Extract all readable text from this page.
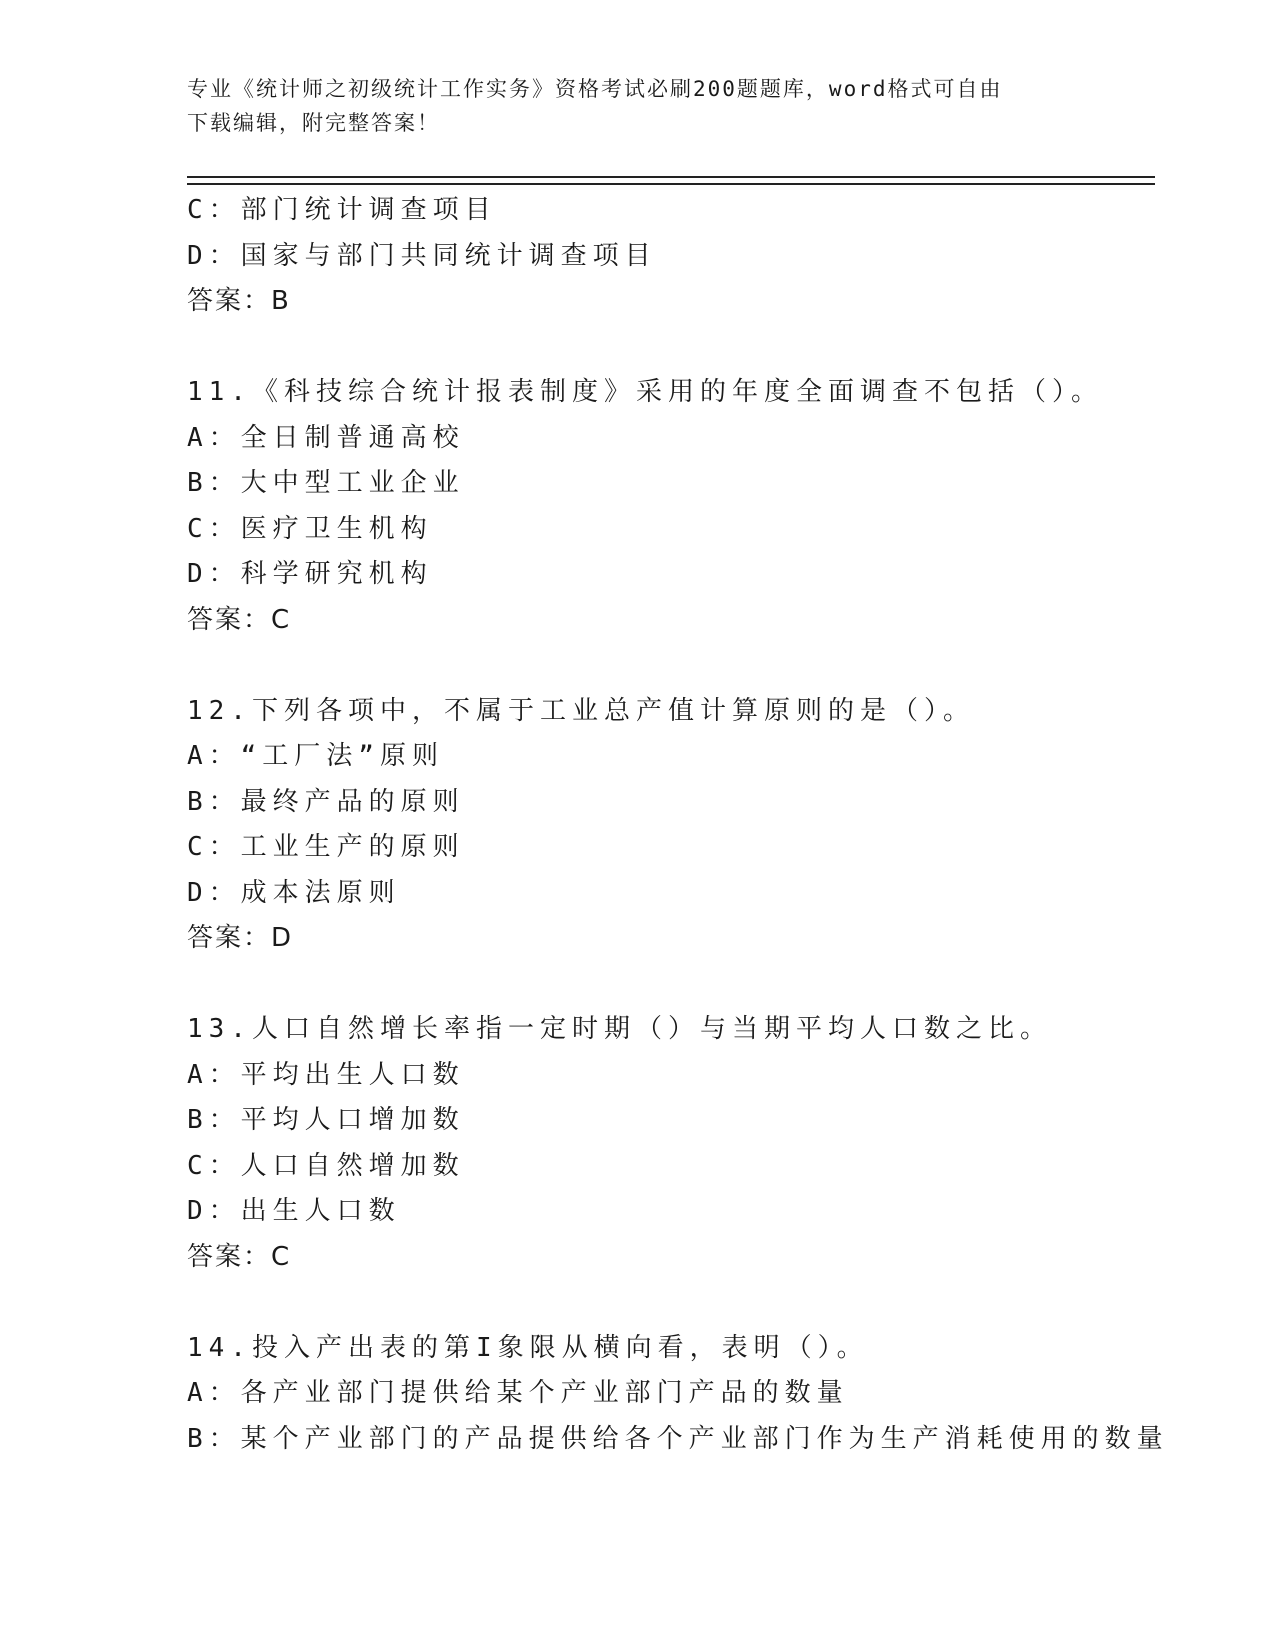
专业《统计师之初级统计工作实务》资格考试必刷200题题库，word格式可自由
下载编辑，附完整答案！
C：部门统计调查项目
D：国家与部门共同统计调查项目
答案：B
11.《科技综合统计报表制度》采用的年度全面调查不包括（）。
A：全日制普通高校
B：大中型工业企业
C：医疗卫生机构
D：科学研究机构
答案：C
12.下列各项中，不属于工业总产值计算原则的是（）。
A：“工厂法”原则
B：最终产品的原则
C：工业生产的原则
D：成本法原则
答案：D
13.人口自然增长率指一定时期（）与当期平均人口数之比。
A：平均出生人口数
B：平均人口增加数
C：人口自然增加数
D：出生人口数
答案：C
14.投入产出表的第I象限从横向看，表明（）。
A：各产业部门提供给某个产业部门产品的数量
B：某个产业部门的产品提供给各个产业部门作为生产消耗使用的数量
